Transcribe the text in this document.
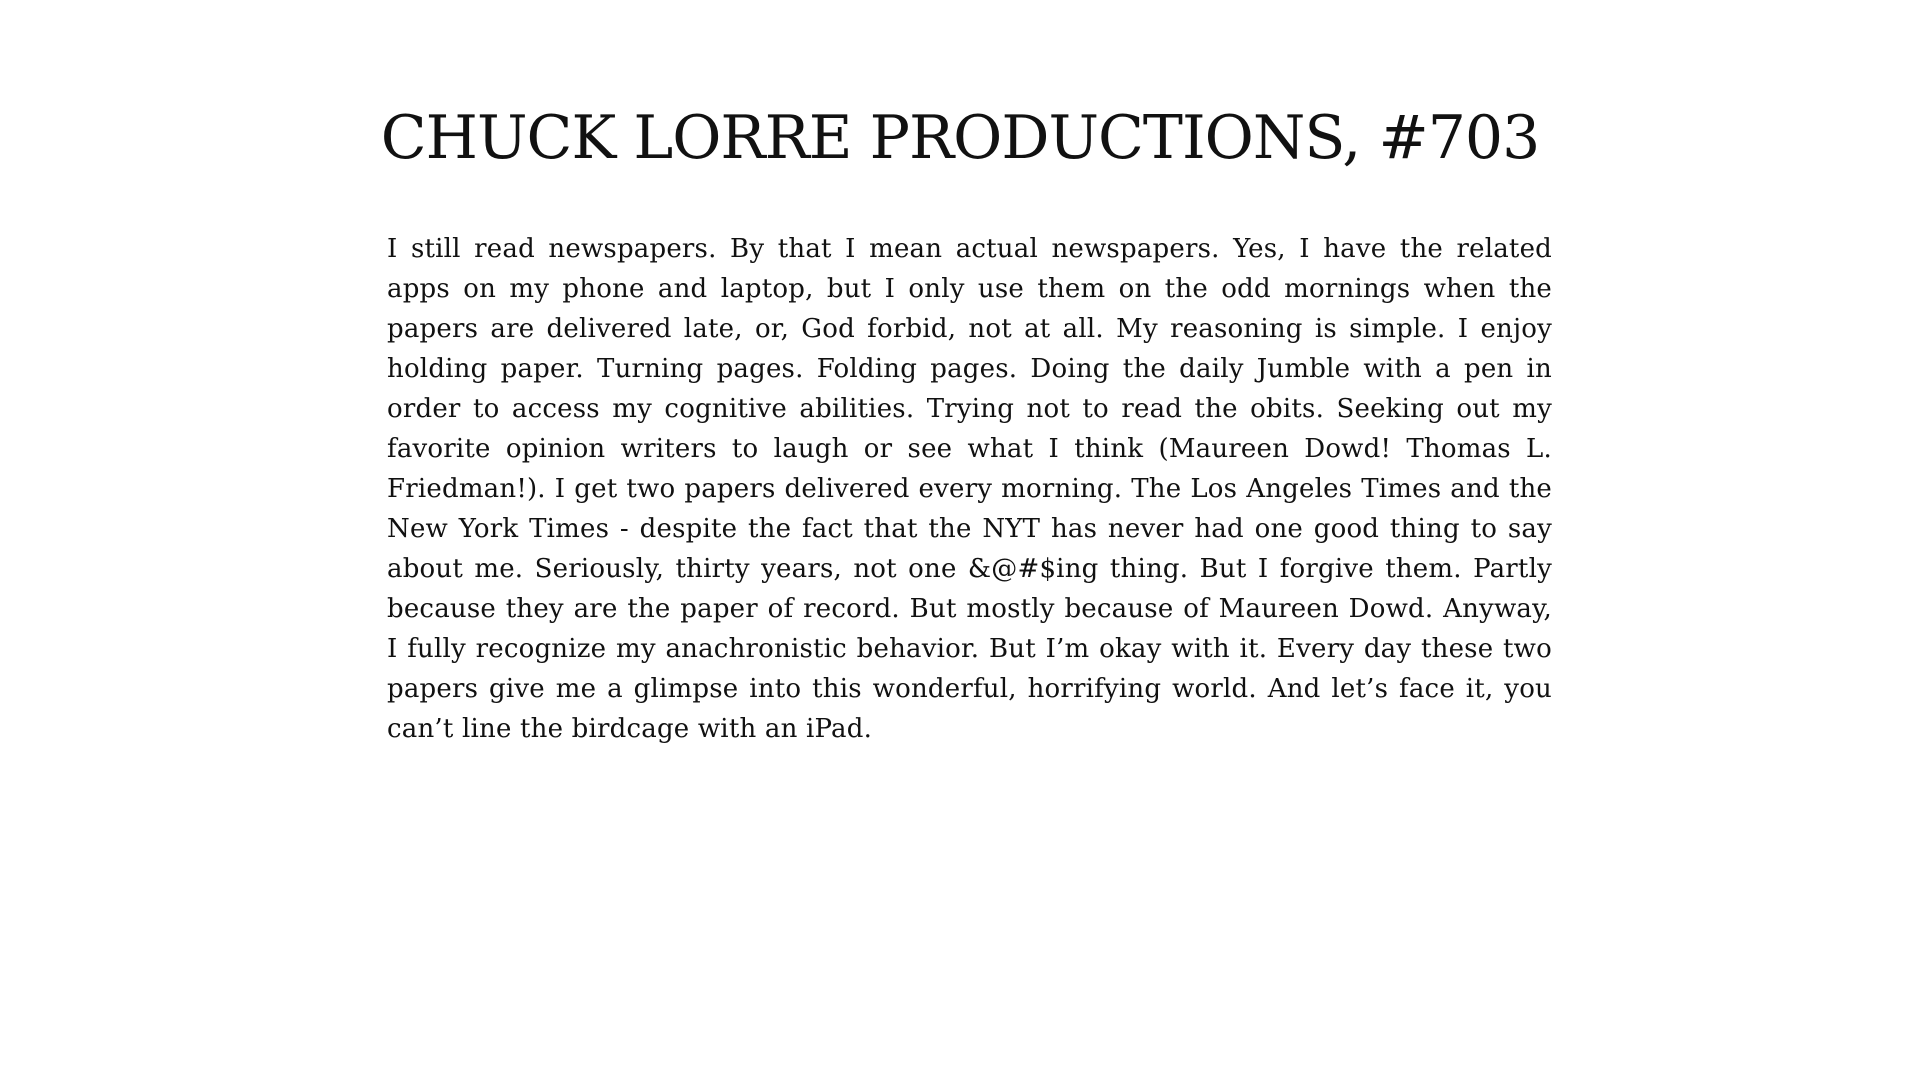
CHUCK LORRE PRODUCTIONS, #703

I still read newspapers. By that I mean actual newspapers. Yes, I have the related apps on my phone and laptop, but I only use them on the odd mornings when the papers are delivered late, or, God forbid, not at all. My reasoning is simple. I enjoy holding paper. Turning pages. Folding pages. Doing the daily Jumble with a pen in order to access my cognitive abilities. Trying not to read the obits. Seeking out my favorite opinion writers to laugh or see what I think (Maureen Dowd! Thomas L. Friedman!). I get two papers delivered every morning. The Los Angeles Times and the New York Times - despite the fact that the NYT has never had one good thing to say about me. Seriously, thirty years, not one &@#$ing thing. But I forgive them. Partly because they are the paper of record. But mostly because of Maureen Dowd. Anyway, I fully recognize my anachronistic behavior. But I’m okay with it. Every day these two papers give me a glimpse into this wonderful, horrifying world. And let’s face it, you can’t line the birdcage with an iPad.
